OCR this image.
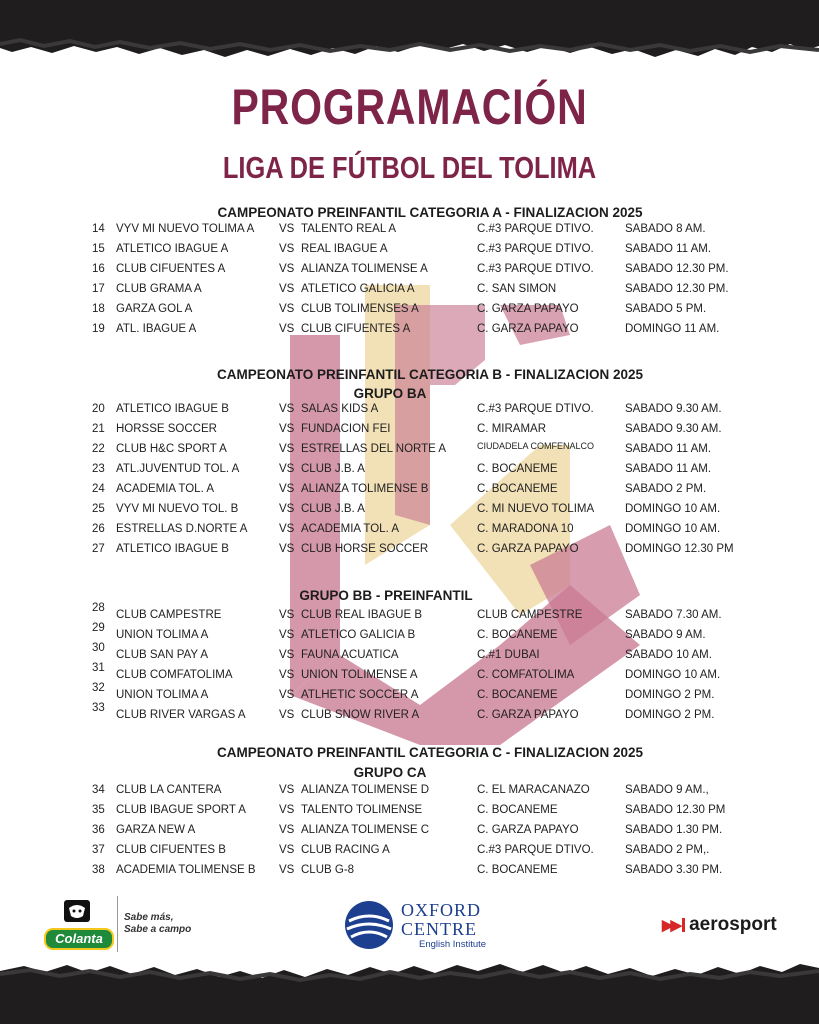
PROGRAMACIÓN
LIGA DE FÚTBOL DEL TOLIMA
CAMPEONATO PREINFANTIL CATEGORIA A - FINALIZACION 2025
14 VYV MI NUEVO TOLIMA A VS TALENTO REAL A	C.#3 PARQUE DTIVO.	SABADO 8 AM.
15 ATLETICO IBAGUE A	VS REAL IBAGUE A	C.#3 PARQUE DTIVO.	SABADO 11 AM.
16 CLUB CIFUENTES A	VS ALIANZA TOLIMENSE A	C.#3 PARQUE DTIVO.	SABADO 12.30 PM.
17 CLUB GRAMA A	VS ATLETICO GALICIA A	C. SAN SIMON	SABADO 12.30 PM.
18 GARZA GOL A	VS CLUB TOLIMENSES A	C. GARZA PAPAYO	SABADO 5 PM.
19 ATL. IBAGUE A	VS CLUB CIFUENTES A	C. GARZA PAPAYO	DOMINGO 11 AM.
CAMPEONATO PREINFANTIL CATEGORIA B - FINALIZACION 2025
GRUPO BA
20 ATLETICO IBAGUE B	VS SALAS KIDS A	C.#3 PARQUE DTIVO.	SABADO 9.30 AM.
21 HORSSE SOCCER	VS FUNDACION FEI	C. MIRAMAR	SABADO 9.30 AM.
22 CLUB H&C SPORT A	VS ESTRELLAS DEL NORTE A	CIUDADELA COMFENALCO	SABADO 11 AM.
23 ATL.JUVENTUD TOL. A	VS CLUB J.B. A	C. BOCANEME	SABADO 11 AM.
24 ACADEMIA TOL. A	VS ALIANZA TOLIMENSE B	C. BOCANEME	SABADO 2 PM.
25 VYV MI NUEVO TOL. B	VS CLUB J.B. A	C. MI NUEVO TOLIMA	DOMINGO 10 AM.
26 ESTRELLAS D.NORTE A	VS ACADEMIA TOL. A	C. MARADONA 10	DOMINGO 10 AM.
27 ATLETICO IBAGUE B	VS CLUB HORSE SOCCER	C. GARZA PAPAYO	DOMINGO 12.30 PM
GRUPO BB - PREINFANTIL
28
CLUB CAMPESTRE	VS CLUB REAL IBAGUE B	CLUB CAMPESTRE	SABADO 7.30 AM.
29
UNION TOLIMA A	VS ATLETICO GALICIA B	C. BOCANEME	SABADO 9 AM.
30
CLUB SAN PAY A	VS FAUNA ACUATICA	C.#1 DUBAI	SABADO 10 AM.
31
CLUB COMFATOLIMA	VS UNION TOLIMENSE A	C. COMFATOLIMA	DOMINGO 10 AM.
32
UNION TOLIMA A	VS ATLHETIC SOCCER A	C. BOCANEME	DOMINGO 2 PM.
33
CLUB RIVER VARGAS A	VS CLUB SNOW RIVER A	C. GARZA PAPAYO	DOMINGO 2 PM.
CAMPEONATO PREINFANTIL CATEGORIA C - FINALIZACION 2025
GRUPO CA
34 CLUB LA CANTERA	VS ALIANZA TOLIMENSE D	C. EL MARACANAZO	SABADO 9 AM.,
35 CLUB IBAGUE SPORT A	VS TALENTO TOLIMENSE	C. BOCANEME	SABADO 12.30 PM
36 GARZA NEW A	VS ALIANZA TOLIMENSE C	C. GARZA PAPAYO	SABADO 1.30 PM.
37 CLUB CIFUENTES B	VS CLUB RACING A	C.#3 PARQUE DTIVO.	SABADO 2 PM,.
38 ACADEMIA TOLIMENSE B VS CLUB G-8	C. BOCANEME	SABADO 3.30 PM.
Colanta
Sabe más,
Sabe a campo
OXFORD
CENTRE
English Institute
▶▶ aerosport
